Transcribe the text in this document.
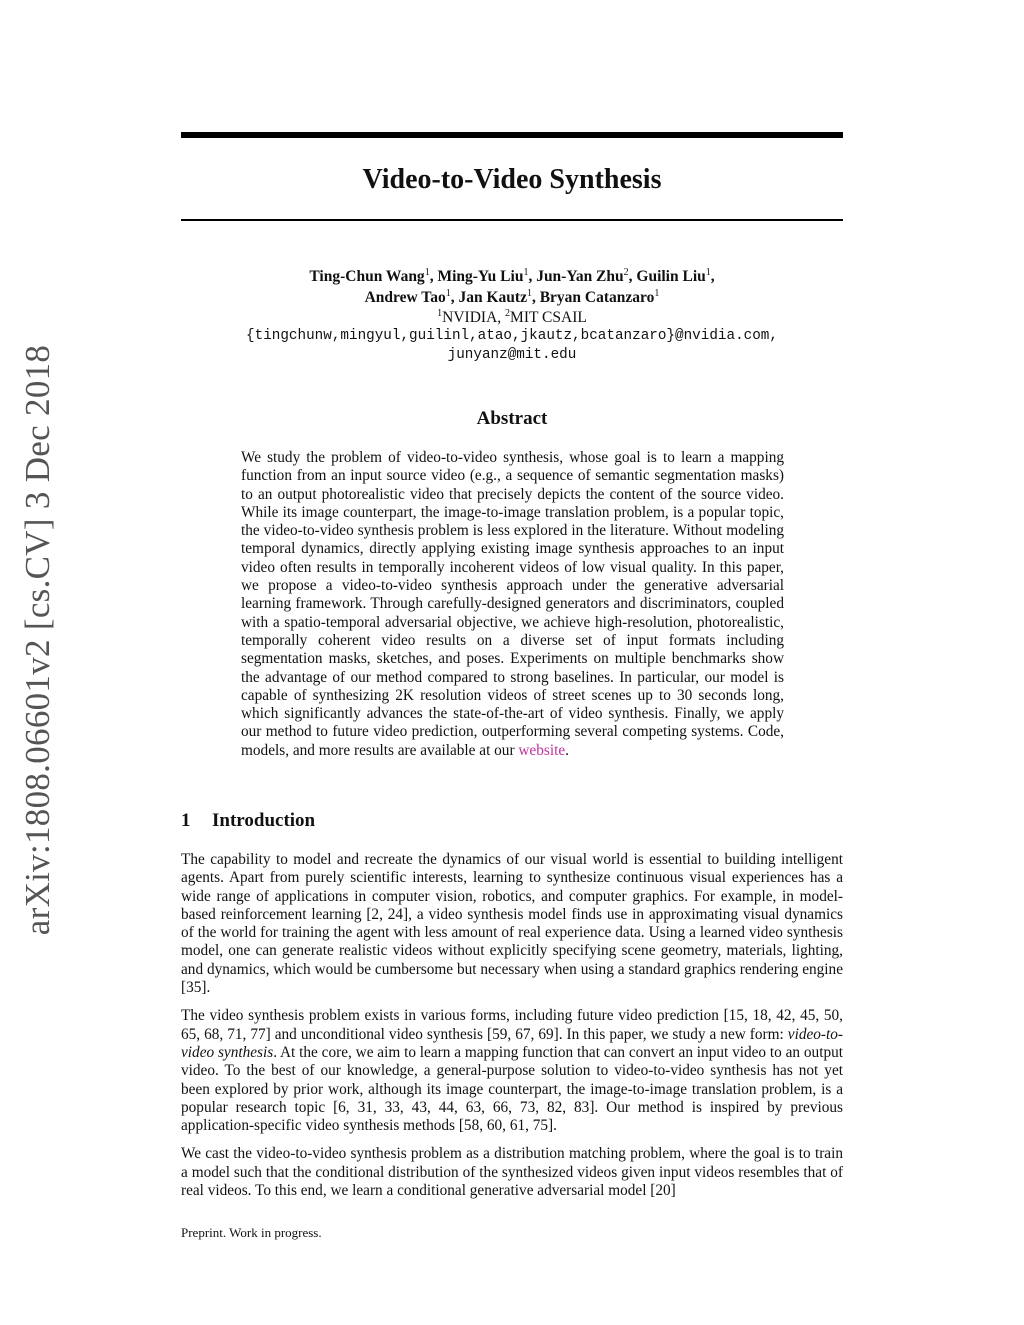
arXiv:1808.06601v2 [cs.CV] 3 Dec 2018
Video-to-Video Synthesis
Ting-Chun Wang$^1$, Ming-Yu Liu$^1$, Jun-Yan Zhu$^2$, Guilin Liu$^1$,
Andrew Tao$^1$, Jan Kautz$^1$, Bryan Catanzaro$^1$
$^1$NVIDIA, $^2$MIT CSAIL
{tingchunw,mingyul,guilinl,atao,jkautz,bcatanzaro}@nvidia.com,
junyanz@mit.edu
Abstract
We study the problem of video-to-video synthesis, whose goal is to learn a mapping function from an input source video (e.g., a sequence of semantic segmentation masks) to an output photorealistic video that precisely depicts the content of the source video. While its image counterpart, the image-to-image translation problem, is a popular topic, the video-to-video synthesis problem is less explored in the literature. Without modeling temporal dynamics, directly applying existing image synthesis approaches to an input video often results in temporally incoherent videos of low visual quality. In this paper, we propose a video-to-video synthesis approach under the generative adversarial learning framework. Through carefully-designed generators and discriminators, coupled with a spatio-temporal adversarial objective, we achieve high-resolution, photorealistic, temporally coherent video results on a diverse set of input formats including segmentation masks, sketches, and poses. Experiments on multiple benchmarks show the advantage of our method compared to strong baselines. In particular, our model is capable of synthesizing 2K resolution videos of street scenes up to 30 seconds long, which significantly advances the state-of-the-art of video synthesis. Finally, we apply our method to future video prediction, outperforming several competing systems. Code, models, and more results are available at our website.
1 Introduction

The capability to model and recreate the dynamics of our visual world is essential to building intelligent agents. Apart from purely scientific interests, learning to synthesize continuous visual experiences has a wide range of applications in computer vision, robotics, and computer graphics. For example, in model-based reinforcement learning [2, 24], a video synthesis model finds use in approximating visual dynamics of the world for training the agent with less amount of real experience data. Using a learned video synthesis model, one can generate realistic videos without explicitly specifying scene geometry, materials, lighting, and dynamics, which would be cumbersome but necessary when using a standard graphics rendering engine [35].

The video synthesis problem exists in various forms, including future video prediction [15, 18, 42, 45, 50, 65, 68, 71, 77] and unconditional video synthesis [59, 67, 69]. In this paper, we study a new form: video-to-video synthesis. At the core, we aim to learn a mapping function that can convert an input video to an output video. To the best of our knowledge, a general-purpose solution to video-to-video synthesis has not yet been explored by prior work, although its image counterpart, the image-to-image translation problem, is a popular research topic [6, 31, 33, 43, 44, 63, 66, 73, 82, 83]. Our method is inspired by previous application-specific video synthesis methods [58, 60, 61, 75].

We cast the video-to-video synthesis problem as a distribution matching problem, where the goal is to train a model such that the conditional distribution of the synthesized videos given input videos resembles that of real videos. To this end, we learn a conditional generative adversarial model [20]

Preprint. Work in progress.
